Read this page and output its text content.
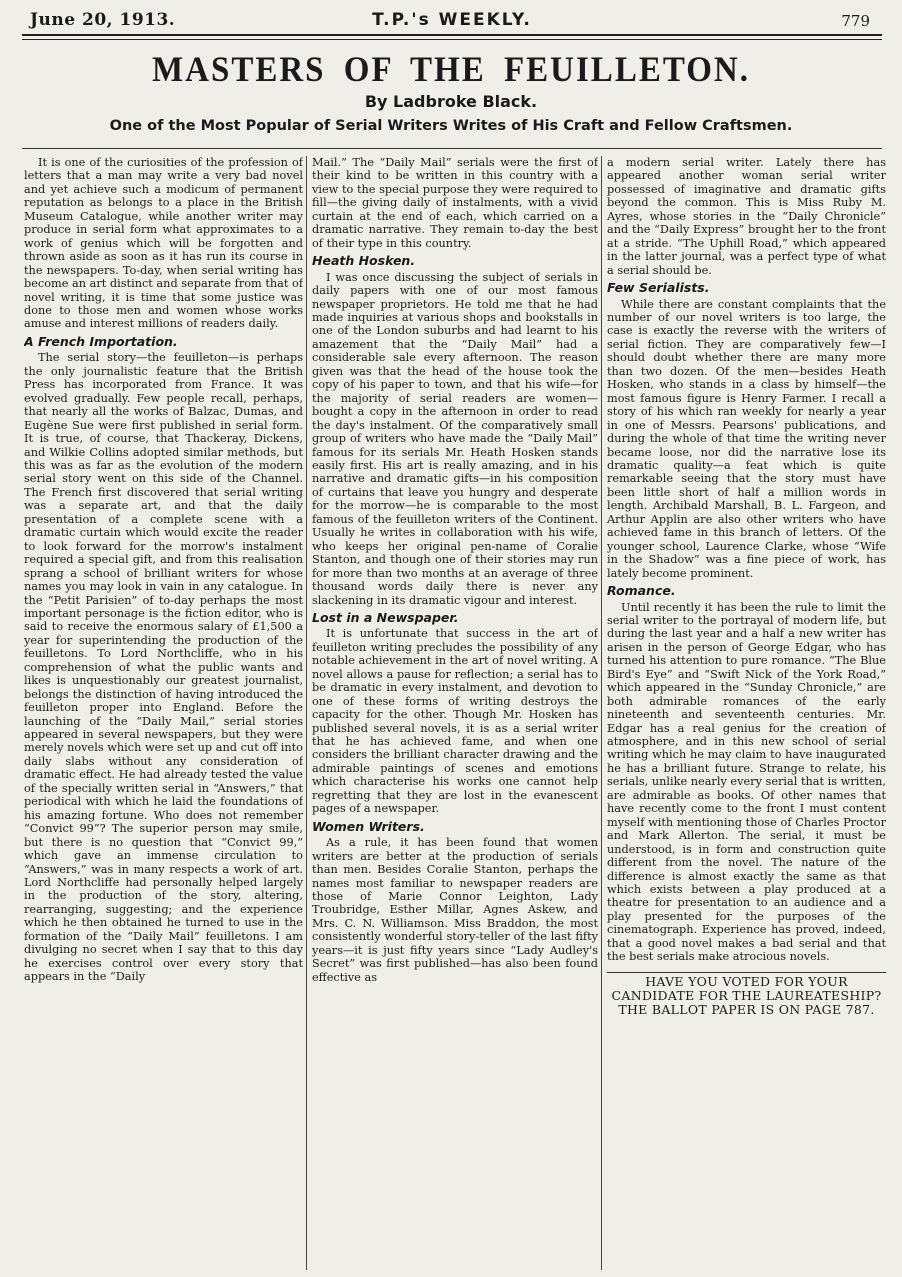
June 20, 1913.	T.P.'s WEEKLY.	779
MASTERS OF THE FEUILLETON.
By Ladbroke Black.
One of the Most Popular of Serial Writers Writes of His Craft and Fellow Craftsmen.

It is one of the curiosities of the profession of letters that a man may write a very bad novel and yet achieve such a modicum of permanent reputation as belongs to a place in the British Museum Catalogue, while another writer may produce in serial form what approximates to a work of genius which will be forgotten and thrown aside as soon as it has run its course in the newspapers. To-day, when serial writing has become an art distinct and separate from that of novel writing, it is time that some justice was done to those men and women whose works amuse and interest millions of readers daily.

A French Importation.

The serial story—the feuilleton—is perhaps the only journalistic feature that the British Press has incorporated from France. It was evolved gradually. Few people recall, perhaps, that nearly all the works of Balzac, Dumas, and Eugène Sue were first published in serial form. It is true, of course, that Thackeray, Dickens, and Wilkie Collins adopted similar methods, but this was as far as the evolution of the modern serial story went on this side of the Channel. The French first discovered that serial writing was a separate art, and that the daily presentation of a complete scene with a dramatic curtain which would excite the reader to look forward for the morrow's instalment required a special gift, and from this realisation sprang a school of brilliant writers for whose names you may look in vain in any catalogue. In the “Petit Parisien” of to-day perhaps the most important personage is the fiction editor, who is said to receive the enormous salary of £1,500 a year for superintending the production of the feuilletons. To Lord Northcliffe, who in his comprehension of what the public wants and likes is unquestionably our greatest journalist, belongs the distinction of having introduced the feuilleton proper into England. Before the launching of the “Daily Mail,” serial stories appeared in several newspapers, but they were merely novels which were set up and cut off into daily slabs without any consideration of dramatic effect. He had already tested the value of the specially written serial in “Answers,” that periodical with which he laid the foundations of his amazing fortune. Who does not remember “Convict 99”? The superior person may smile, but there is no question that “Convict 99,” which gave an immense circulation to “Answers,” was in many respects a work of art. Lord Northcliffe had personally helped largely in the production of the story, altering, rearranging, suggesting; and the experience which he then obtained he turned to use in the formation of the “Daily Mail” feuilletons. I am divulging no secret when I say that to this day he exercises control over every story that appears in the “Daily

Mail.” The “Daily Mail” serials were the first of their kind to be written in this country with a view to the special purpose they were required to fill—the giving daily of instalments, with a vivid curtain at the end of each, which carried on a dramatic narrative. They remain to-day the best of their type in this country.

Heath Hosken.

I was once discussing the subject of serials in daily papers with one of our most famous newspaper proprietors. He told me that he had made inquiries at various shops and bookstalls in one of the London suburbs and had learnt to his amazement that the “Daily Mail” had a considerable sale every afternoon. The reason given was that the head of the house took the copy of his paper to town, and that his wife—for the majority of serial readers are women—bought a copy in the afternoon in order to read the day's instalment. Of the comparatively small group of writers who have made the “Daily Mail” famous for its serials Mr. Heath Hosken stands easily first. His art is really amazing, and in his narrative and dramatic gifts—in his composition of curtains that leave you hungry and desperate for the morrow—he is comparable to the most famous of the feuilleton writers of the Continent. Usually he writes in collaboration with his wife, who keeps her original pen-name of Coralie Stanton, and though one of their stories may run for more than two months at an average of three thousand words daily there is never any slackening in its dramatic vigour and interest.

Lost in a Newspaper.

It is unfortunate that success in the art of feuilleton writing precludes the possibility of any notable achievement in the art of novel writing. A novel allows a pause for reflection; a serial has to be dramatic in every instalment, and devotion to one of these forms of writing destroys the capacity for the other. Though Mr. Hosken has published several novels, it is as a serial writer that he has achieved fame, and when one considers the brilliant character drawing and the admirable paintings of scenes and emotions which characterise his works one cannot help regretting that they are lost in the evanescent pages of a newspaper.

Women Writers.

As a rule, it has been found that women writers are better at the production of serials than men. Besides Coralie Stanton, perhaps the names most familiar to newspaper readers are those of Marie Connor Leighton, Lady Troubridge, Esther Millar, Agnes Askew, and Mrs. C. N. Williamson. Miss Braddon, the most consistently wonderful story-teller of the last fifty years—it is just fifty years since “Lady Audley's Secret” was first published—has also been found effective as

a modern serial writer. Lately there has appeared another woman serial writer possessed of imaginative and dramatic gifts beyond the common. This is Miss Ruby M. Ayres, whose stories in the “Daily Chronicle” and the “Daily Express” brought her to the front at a stride. “The Uphill Road,” which appeared in the latter journal, was a perfect type of what a serial should be.

Few Serialists.

While there are constant complaints that the number of our novel writers is too large, the case is exactly the reverse with the writers of serial fiction. They are comparatively few—I should doubt whether there are many more than two dozen. Of the men—besides Heath Hosken, who stands in a class by himself—the most famous figure is Henry Farmer. I recall a story of his which ran weekly for nearly a year in one of Messrs. Pearsons' publications, and during the whole of that time the writing never became loose, nor did the narrative lose its dramatic quality—a feat which is quite remarkable seeing that the story must have been little short of half a million words in length. Archibald Marshall, B. L. Fargeon, and Arthur Applin are also other writers who have achieved fame in this branch of letters. Of the younger school, Laurence Clarke, whose “Wife in the Shadow” was a fine piece of work, has lately become prominent.

Romance.

Until recently it has been the rule to limit the serial writer to the portrayal of modern life, but during the last year and a half a new writer has arisen in the person of George Edgar, who has turned his attention to pure romance. “The Blue Bird's Eye” and “Swift Nick of the York Road,” which appeared in the “Sunday Chronicle,” are both admirable romances of the early nineteenth and seventeenth centuries. Mr. Edgar has a real genius for the creation of atmosphere, and in this new school of serial writing which he may claim to have inaugurated he has a brilliant future. Strange to relate, his serials, unlike nearly every serial that is written, are admirable as books. Of other names that have recently come to the front I must content myself with mentioning those of Charles Proctor and Mark Allerton. The serial, it must be understood, is in form and construction quite different from the novel. The nature of the difference is almost exactly the same as that which exists between a play produced at a theatre for presentation to an audience and a play presented for the purposes of the cinematograph. Experience has proved, indeed, that a good novel makes a bad serial and that the best serials make atrocious novels.

HAVE YOU VOTED FOR YOUR CANDIDATE FOR THE LAUREATESHIP? THE BALLOT PAPER IS ON PAGE 787.
